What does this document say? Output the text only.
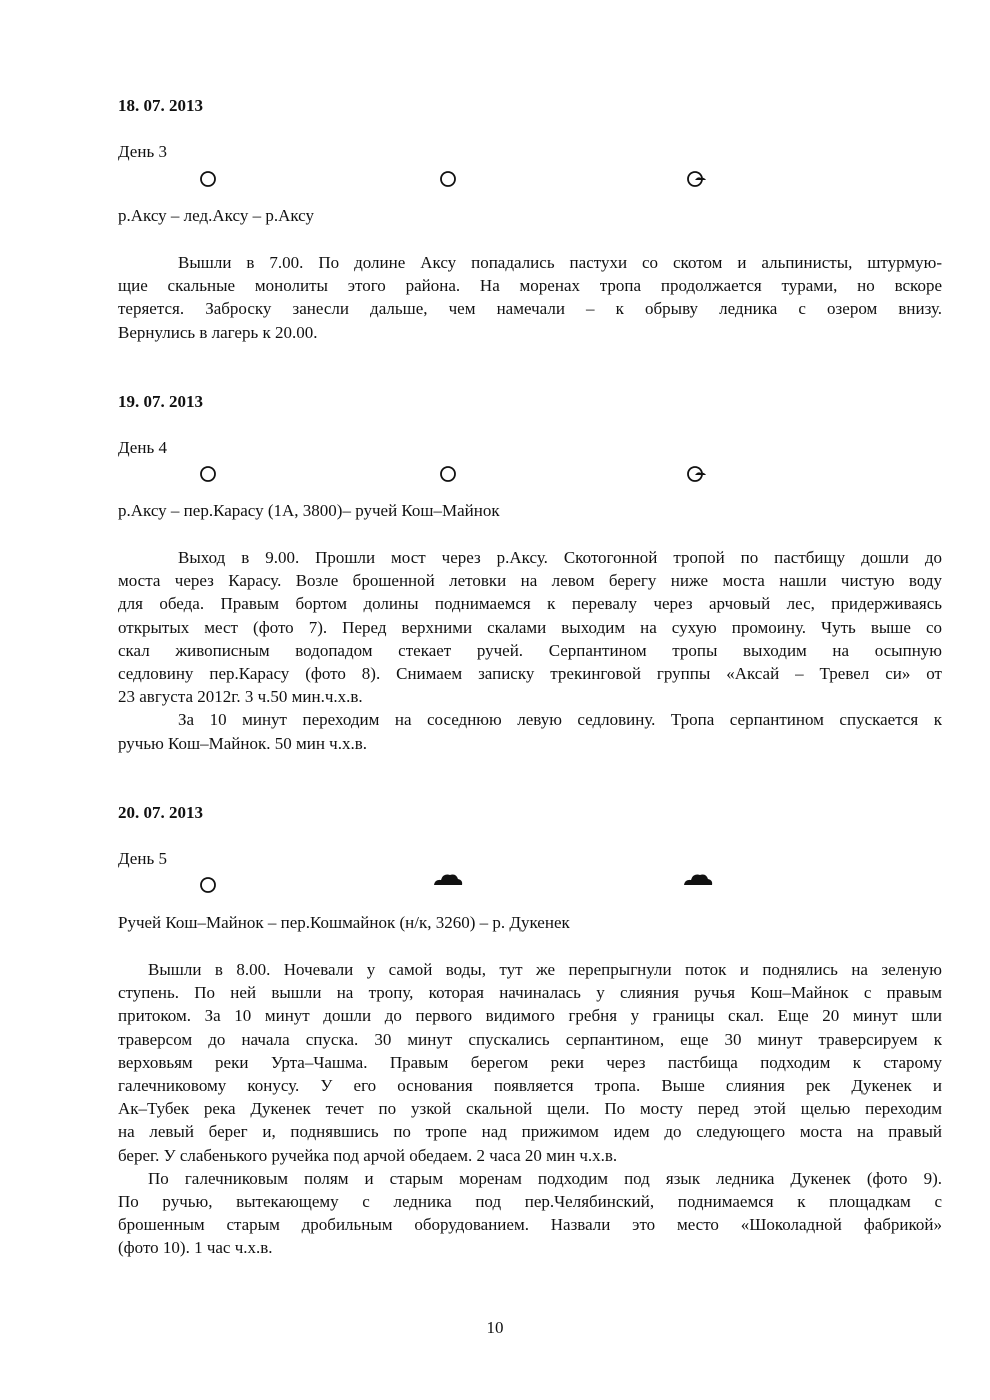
18. 07. 2013
День 3
р.Аксу – лед.Аксу – р.Аксу
Вышли в 7.00. По долине Аксу попадались пастухи со скотом и альпинисты, штурмую-
щие скальные монолиты этого района. На моренах тропа продолжается турами, но вскоре
теряется. Заброску занесли дальше, чем намечали – к обрыву ледника с озером внизу.
Вернулись в лагерь к 20.00.
19. 07. 2013
День 4
р.Аксу – пер.Карасу (1А, 3800)– ручей Кош–Майнок
Выход в 9.00. Прошли мост через р.Аксу. Скотогонной тропой по пастбищу дошли до
моста через Карасу. Возле брошенной летовки на левом берегу ниже моста нашли чистую воду
для обеда. Правым бортом долины поднимаемся к перевалу через арчовый лес, придерживаясь
открытых мест (фото 7). Перед верхними скалами выходим на сухую промоину. Чуть выше со
скал живописным водопадом стекает ручей. Серпантином тропы выходим на осыпную
седловину пер.Карасу (фото 8). Снимаем записку трекинговой группы «Аксай – Тревел си» от
23 августа 2012г. 3 ч.50 мин.ч.х.в.
За 10 минут переходим на соседнюю левую седловину. Тропа серпантином спускается к
ручью Кош–Майнок. 50 мин ч.х.в.
20. 07. 2013
День 5
Ручей Кош–Майнок – пер.Кошмайнок (н/к, 3260) – р. Дукенек
Вышли в 8.00. Ночевали у самой воды, тут же перепрыгнули поток и поднялись на зеленую
ступень. По ней вышли на тропу, которая начиналась у слияния ручья Кош–Майнок с правым
притоком. За 10 минут дошли до первого видимого гребня у границы скал. Еще 20 минут шли
траверсом до начала спуска. 30 минут спускались серпантином, еще 30 минут траверсируем к
верховьям реки Урта–Чашма. Правым берегом реки через пастбища подходим к старому
галечниковому конусу. У его основания появляется тропа. Выше слияния рек Дукенек и
Ак–Тубек река Дукенек течет по узкой скальной щели. По мосту перед этой щелью переходим
на левый берег и, поднявшись по тропе над прижимом идем до следующего моста на правый
берег. У слабенького ручейка под арчой обедаем. 2 часа 20 мин ч.х.в.
По галечниковым полям и старым моренам подходим под язык ледника Дукенек (фото 9).
По ручью, вытекающему с ледника под пер.Челябинский, поднимаемся к площадкам с
брошенным старым дробильным оборудованием. Назвали это место «Шоколадной фабрикой»
(фото 10). 1 час ч.х.в.
10
